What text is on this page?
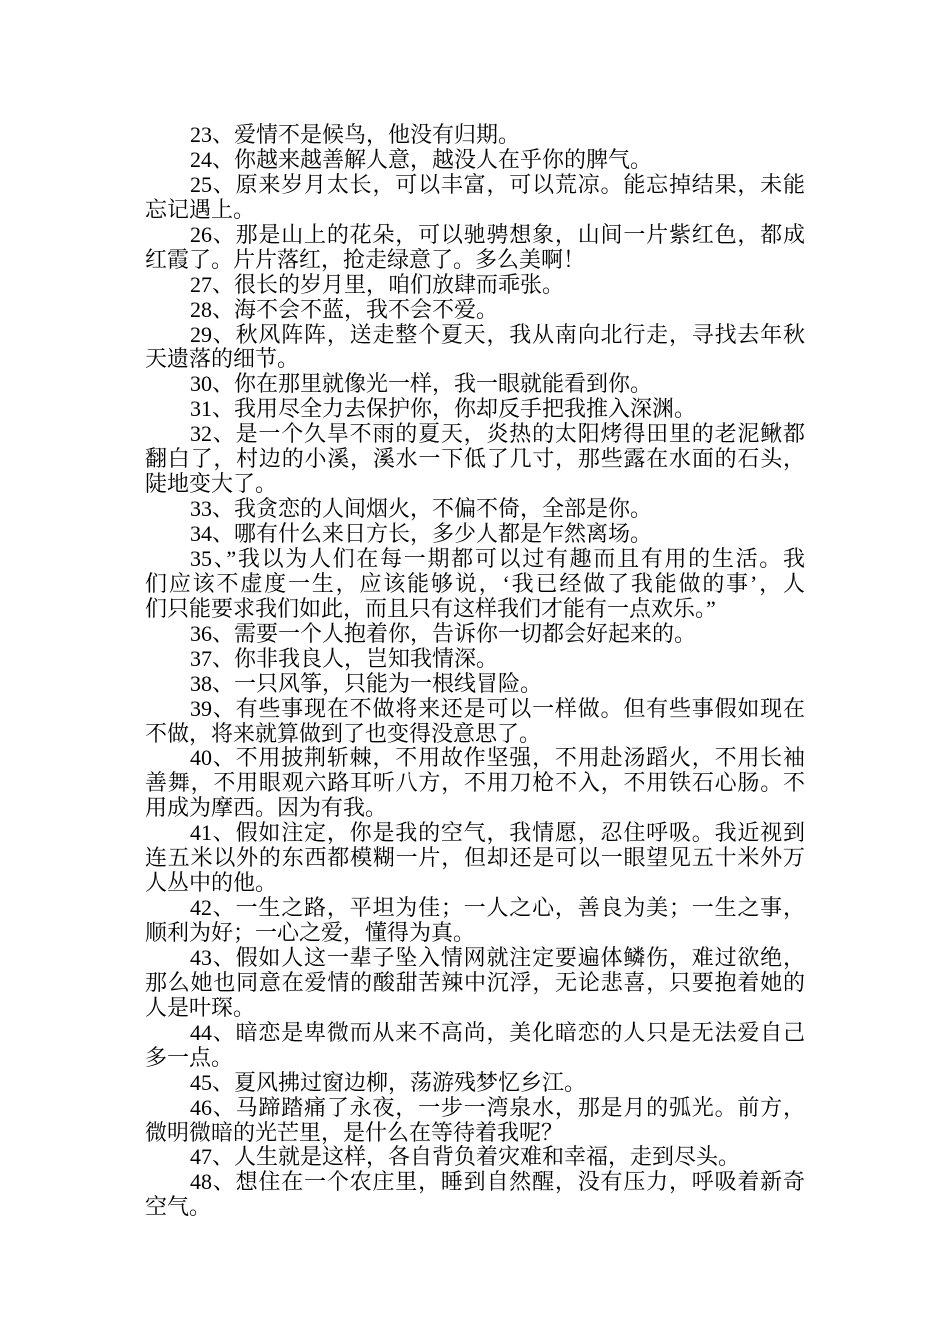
23、爱情不是候鸟，他没有归期。
24、你越来越善解人意，越没人在乎你的脾气。
25、原来岁月太长，可以丰富，可以荒凉。能忘掉结果，未能
忘记遇上。
26、那是山上的花朵，可以驰骋想象，山间一片紫红色，都成
红霞了。片片落红，抢走绿意了。多么美啊！
27、很长的岁月里，咱们放肆而乖张。
28、海不会不蓝，我不会不爱。
29、秋风阵阵，送走整个夏天，我从南向北行走，寻找去年秋
天遗落的细节。
30、你在那里就像光一样，我一眼就能看到你。
31、我用尽全力去保护你，你却反手把我推入深渊。
32、是一个久旱不雨的夏天，炎热的太阳烤得田里的老泥鳅都
翻白了，村边的小溪，溪水一下低了几寸，那些露在水面的石头，
陡地变大了。
33、我贪恋的人间烟火，不偏不倚，全部是你。
34、哪有什么来日方长，多少人都是乍然离场。
35、”我以为人们在每一期都可以过有趣而且有用的生活。我
们应该不虚度一生，应该能够说，‘我已经做了我能做的事’，人
们只能要求我们如此，而且只有这样我们才能有一点欢乐。”
36、需要一个人抱着你，告诉你一切都会好起来的。
37、你非我良人，岂知我情深。
38、一只风筝，只能为一根线冒险。
39、有些事现在不做将来还是可以一样做。但有些事假如现在
不做，将来就算做到了也变得没意思了。
40、不用披荆斩棘，不用故作坚强，不用赴汤蹈火，不用长袖
善舞，不用眼观六路耳听八方，不用刀枪不入，不用铁石心肠。不
用成为摩西。因为有我。
41、假如注定，你是我的空气，我情愿，忍住呼吸。我近视到
连五米以外的东西都模糊一片，但却还是可以一眼望见五十米外万
人丛中的他。
42、一生之路，平坦为佳；一人之心，善良为美；一生之事，
顺利为好；一心之爱，懂得为真。
43、假如人这一辈子坠入情网就注定要遍体鳞伤，难过欲绝，
那么她也同意在爱情的酸甜苦辣中沉浮，无论悲喜，只要抱着她的
人是叶琛。
44、暗恋是卑微而从来不高尚，美化暗恋的人只是无法爱自己
多一点。
45、夏风拂过窗边柳，荡游残梦忆乡江。
46、马蹄踏痛了永夜，一步一湾泉水，那是月的弧光。前方，
微明微暗的光芒里，是什么在等待着我呢？
47、人生就是这样，各自背负着灾难和幸福，走到尽头。
48、想住在一个农庄里，睡到自然醒，没有压力，呼吸着新奇
空气。
